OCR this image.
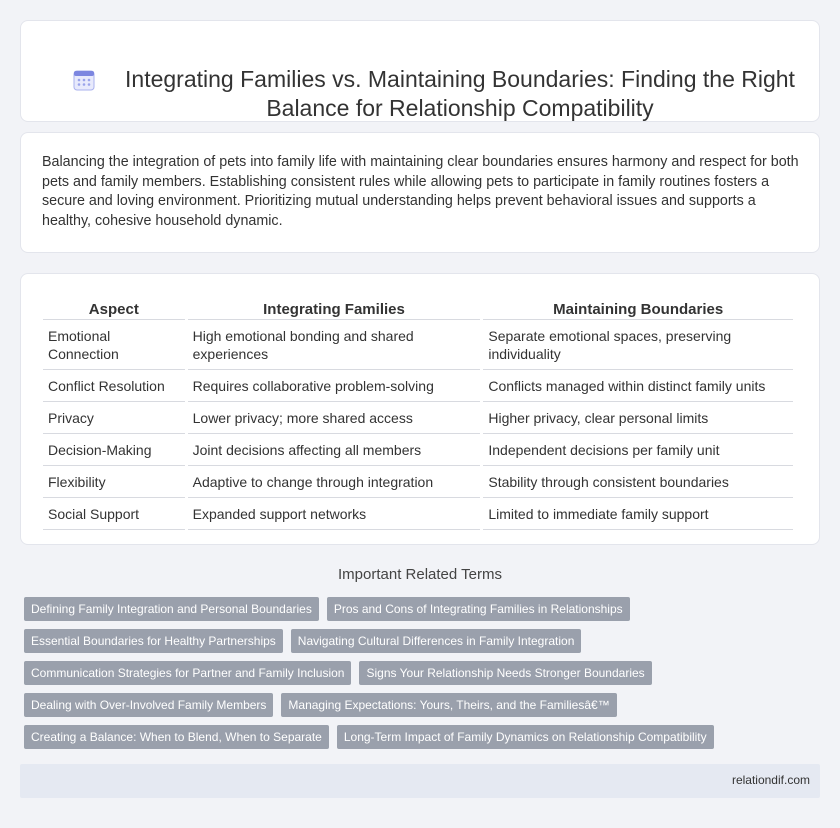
Integrating Families vs. Maintaining Boundaries: Finding the Right Balance for Relationship Compatibility

Balancing the integration of pets into family life with maintaining clear boundaries ensures harmony and respect for both pets and family members. Establishing consistent rules while allowing pets to participate in family routines fosters a secure and loving environment. Prioritizing mutual understanding helps prevent behavioral issues and supports a healthy, cohesive household dynamic.

Aspect	Integrating Families	Maintaining Boundaries
Emotional Connection	High emotional bonding and shared experiences	Separate emotional spaces, preserving individuality
Conflict Resolution	Requires collaborative problem-solving	Conflicts managed within distinct family units
Privacy	Lower privacy; more shared access	Higher privacy, clear personal limits
Decision-Making	Joint decisions affecting all members	Independent decisions per family unit
Flexibility	Adaptive to change through integration	Stability through consistent boundaries
Social Support	Expanded support networks	Limited to immediate family support
Important Related Terms
Defining Family Integration and Personal Boundaries	Pros and Cons of Integrating Families in Relationships
Essential Boundaries for Healthy Partnerships	Navigating Cultural Differences in Family Integration
Communication Strategies for Partner and Family Inclusion	Signs Your Relationship Needs Stronger Boundaries
Dealing with Over-Involved Family Members	Managing Expectations: Yours, Theirs, and the Familiesâ€™
Creating a Balance: When to Blend, When to Separate	Long-Term Impact of Family Dynamics on Relationship Compatibility
relationdif.com
